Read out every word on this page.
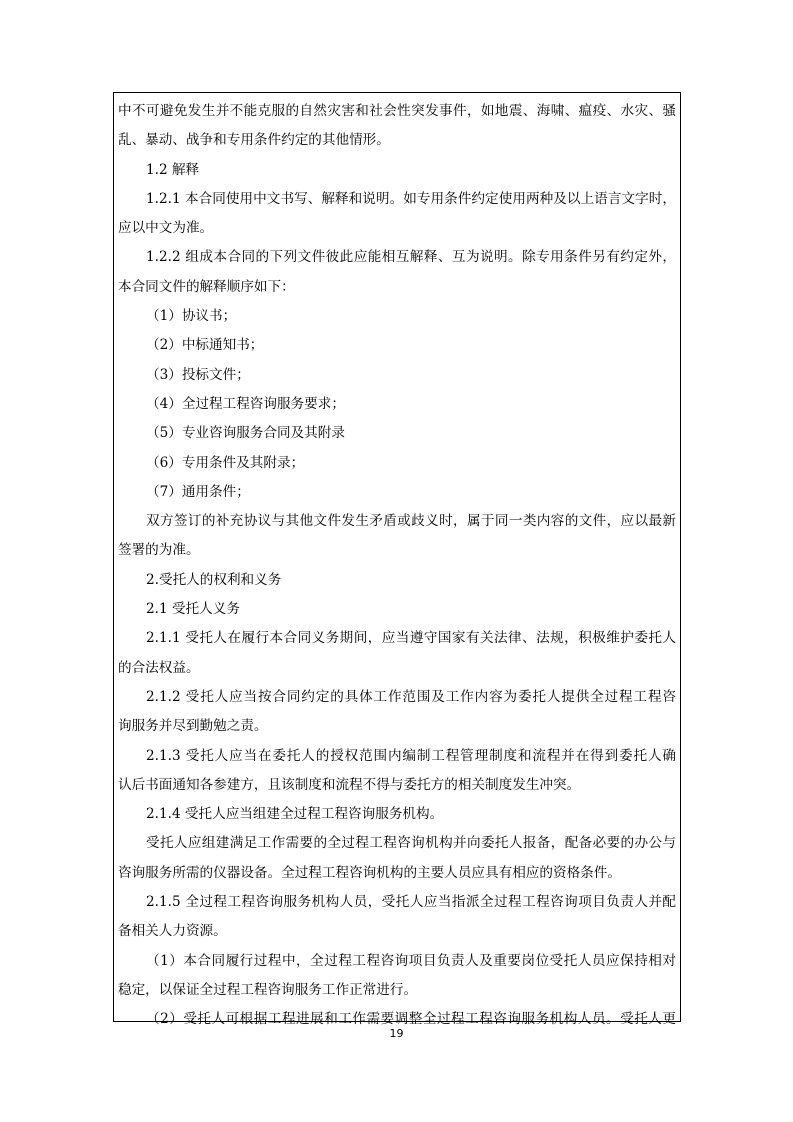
中不可避免发生并不能克服的自然灾害和社会性突发事件，如地震、海啸、瘟疫、水灾、骚
乱、暴动、战争和专用条件约定的其他情形。
1.2 解释
1.2.1 本合同使用中文书写、解释和说明。如专用条件约定使用两种及以上语言文字时，
应以中文为准。
1.2.2 组成本合同的下列文件彼此应能相互解释、互为说明。除专用条件另有约定外，
本合同文件的解释顺序如下：
（1）协议书；
（2）中标通知书；
（3）投标文件；
（4）全过程工程咨询服务要求；
（5）专业咨询服务合同及其附录
（6）专用条件及其附录；
（7）通用条件；
双方签订的补充协议与其他文件发生矛盾或歧义时，属于同一类内容的文件，应以最新
签署的为准。
2.受托人的权利和义务
2.1 受托人义务
2.1.1 受托人在履行本合同义务期间，应当遵守国家有关法律、法规，积极维护委托人
的合法权益。
2.1.2 受托人应当按合同约定的具体工作范围及工作内容为委托人提供全过程工程咨
询服务并尽到勤勉之责。
2.1.3 受托人应当在委托人的授权范围内编制工程管理制度和流程并在得到委托人确
认后书面通知各参建方，且该制度和流程不得与委托方的相关制度发生冲突。
2.1.4 受托人应当组建全过程工程咨询服务机构。
受托人应组建满足工作需要的全过程工程咨询机构并向委托人报备，配备必要的办公与
咨询服务所需的仪器设备。全过程工程咨询机构的主要人员应具有相应的资格条件。
2.1.5 全过程工程咨询服务机构人员，受托人应当指派全过程工程咨询项目负责人并配
备相关人力资源。
（1）本合同履行过程中，全过程工程咨询项目负责人及重要岗位受托人员应保持相对
稳定，以保证全过程工程咨询服务工作正常进行。
（2）受托人可根据工程进展和工作需要调整全过程工程咨询服务机构人员。受托人更
19
